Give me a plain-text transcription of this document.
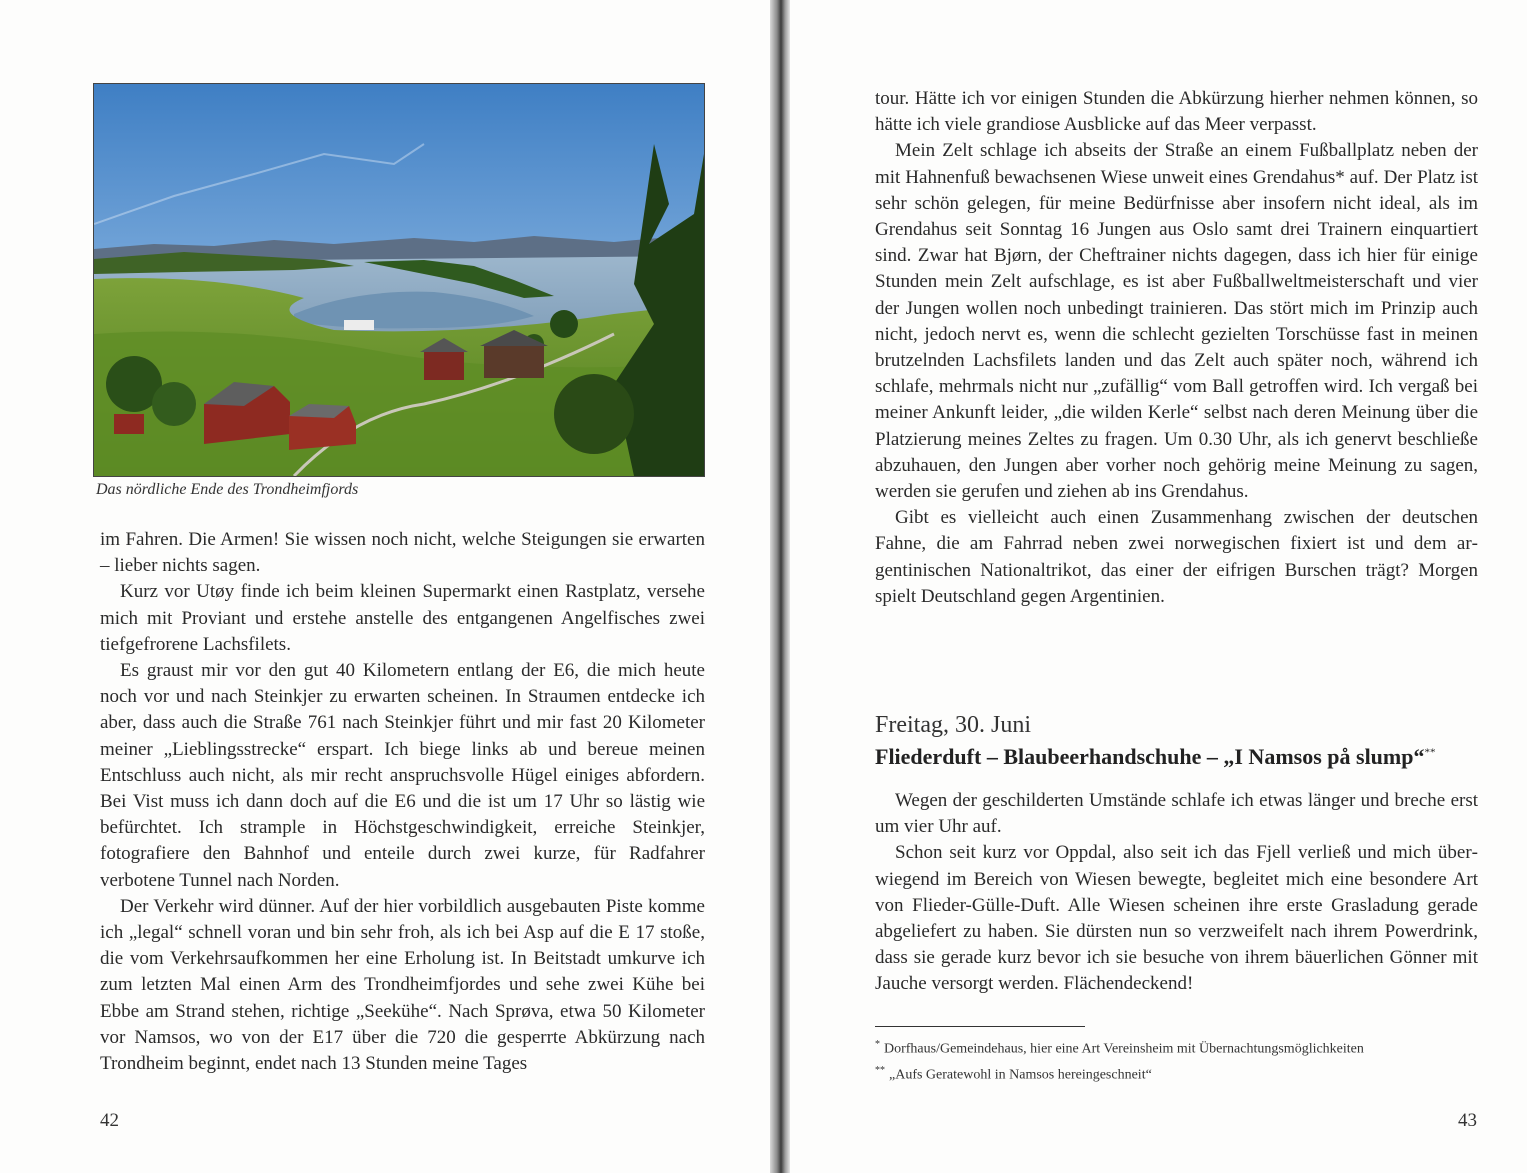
Das nördliche Ende des Trondheimfjords

im Fahren. Die Armen! Sie wissen noch nicht, welche Steigungen sie erwarten – lieber nichts sagen.

Kurz vor Utøy finde ich beim kleinen Supermarkt einen Rastplatz, versehe mich mit Proviant und erstehe anstelle des entgangenen Angelfisches zwei tiefgefrorene Lachsfilets.

Es graust mir vor den gut 40 Kilometern entlang der E6, die mich heute noch vor und nach Steinkjer zu erwarten scheinen. In Straumen entdecke ich aber, dass auch die Straße 761 nach Steinkjer führt und mir fast 20 Kilometer meiner „Lieblingsstrecke“ erspart. Ich biege links ab und bereue meinen Entschluss auch nicht, als mir recht anspruchsvolle Hügel einiges abfordern. Bei Vist muss ich dann doch auf die E6 und die ist um 17 Uhr so lästig wie befürchtet. Ich strample in Höchstgeschwindigkeit, erreiche Steinkjer, fotografiere den Bahnhof und enteile durch zwei kurze, für Radfahrer verbotene Tunnel nach Norden.

Der Verkehr wird dünner. Auf der hier vorbildlich ausgebauten Piste komme ich „legal“ schnell voran und bin sehr froh, als ich bei Asp auf die E 17 stoße, die vom Verkehrsaufkommen her eine Erholung ist. In Beitstadt umkurve ich zum letzten Mal einen Arm des Trondheimfjordes und sehe zwei Kühe bei Ebbe am Strand stehen, richtige „Seekühe“. Nach Sprøva, etwa 50 Kilometer vor Namsos, wo von der E17 über die 720 die gesperrte Abkürzung nach Trondheim beginnt, endet nach 13 Stunden meine Tages

42

tour. Hätte ich vor einigen Stunden die Abkürzung hierher nehmen können, so hätte ich viele grandiose Ausblicke auf das Meer verpasst.

Mein Zelt schlage ich abseits der Straße an einem Fußballplatz neben der mit Hahnenfuß bewachsenen Wiese unweit eines Grendahus* auf. Der Platz ist sehr schön gelegen, für meine Bedürfnisse aber insofern nicht ideal, als im Grendahus seit Sonntag 16 Jungen aus Oslo samt drei Trainern einquartiert sind. Zwar hat Bjørn, der Cheftrainer nichts dagegen, dass ich hier für einige Stunden mein Zelt aufschlage, es ist aber Fußballweltmeisterschaft und vier der Jungen wollen noch unbedingt trainieren. Das stört mich im Prinzip auch nicht, jedoch nervt es, wenn die schlecht gezielten Torschüsse fast in meinen brutzelnden Lachsfilets landen und das Zelt auch später noch, während ich schlafe, mehrmals nicht nur „zufällig“ vom Ball getroffen wird. Ich vergaß bei meiner Ankunft leider, „die wilden Kerle“ selbst nach deren Meinung über die Platzierung meines Zeltes zu fragen. Um 0.30 Uhr, als ich genervt beschließe abzuhauen, den Jungen aber vorher noch gehörig meine Meinung zu sagen, werden sie gerufen und ziehen ab ins Grendahus.

Gibt es vielleicht auch einen Zusammenhang zwischen der deutschen Fahne, die am Fahrrad neben zwei norwegischen fixiert ist und dem argentinischen Nationaltrikot, das einer der eifrigen Burschen trägt? Morgen spielt Deutschland gegen Argentinien.

Freitag, 30. Juni
Fliederduft – Blaubeerhandschuhe – „I Namsos på slump“**

Wegen der geschilderten Umstände schlafe ich etwas länger und breche erst um vier Uhr auf.

Schon seit kurz vor Oppdal, also seit ich das Fjell verließ und mich überwiegend im Bereich von Wiesen bewegte, begleitet mich eine besondere Art von Flieder-Gülle-Duft. Alle Wiesen scheinen ihre erste Grasladung gerade abgeliefert zu haben. Sie dürsten nun so verzweifelt nach ihrem Powerdrink, dass sie gerade kurz bevor ich sie besuche von ihrem bäuerlichen Gönner mit Jauche versorgt werden. Flächendeckend!

* Dorfhaus/Gemeindehaus, hier eine Art Vereinsheim mit Übernachtungsmöglichkeiten

** „Aufs Geratewohl in Namsos hereingeschneit“

43
